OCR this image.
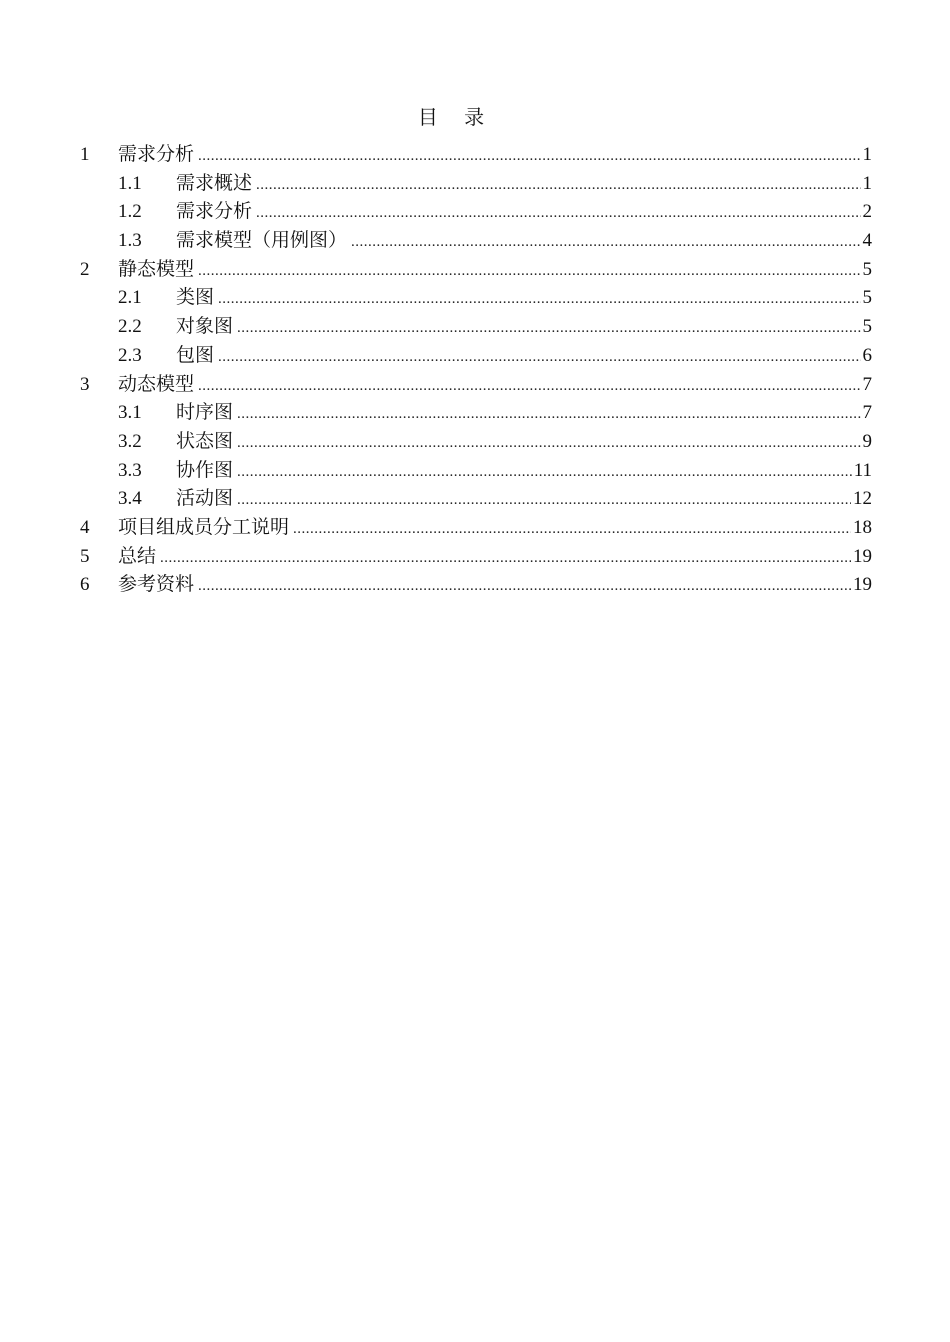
目 录
1	需求分析 .....	1
1.1	需求概述 .....	1
1.2	需求分析 .....	2
1.3	需求模型（用例图） .....	4
2	静态模型 .....	5
2.1	类图 .....	5
2.2	对象图 .....	5
2.3	包图 .....	6
3	动态模型 .....	7
3.1	时序图 .....	7
3.2	状态图 .....	9
3.3	协作图 .....	11
3.4	活动图 .....	12
4	项目组成员分工说明 .....	18
5	总结 .....	19
6	参考资料 .....	19
